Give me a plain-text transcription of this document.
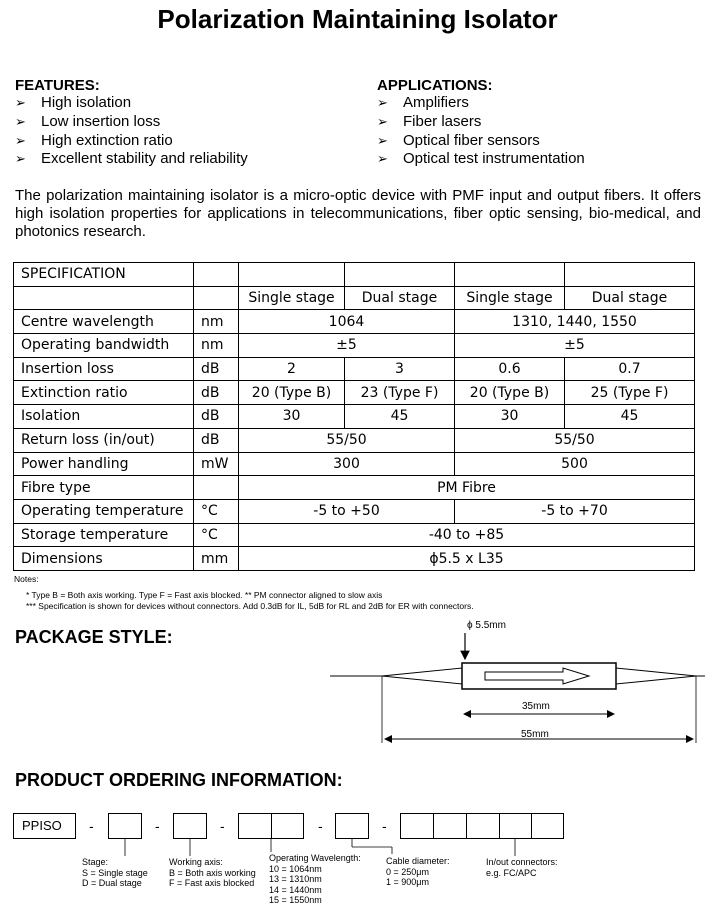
Polarization Maintaining Isolator
FEATURES:
➢ High isolation
➢ Low insertion loss
➢ High extinction ratio
➢ Excellent stability and reliability
APPLICATIONS:
➢ Amplifiers
➢ Fiber lasers
➢ Optical fiber sensors
➢ Optical test instrumentation
The polarization maintaining isolator is a micro-optic device with PMF input and output fibers. It offers high isolation properties for applications in telecommunications, fiber optic sensing, bio-medical, and photonics research.
SPECIFICATION					
		Single stage	Dual stage	Single stage	Dual stage
Centre wavelength	nm	1064		1310, 1440, 1550	
Operating bandwidth	nm	±5		±5	
Insertion loss	dB	2	3	0.6	0.7
Extinction ratio	dB	20 (Type B)	23 (Type F)	20 (Type B)	25 (Type F)
Isolation	dB	30	45	30	45
Return loss (in/out)	dB	55/50		55/50	
Power handling	mW	300		500	
Fibre type		PM Fibre			
Operating temperature	°C	-5 to +50		-5 to +70	
Storage temperature	°C	-40 to +85			
Dimensions	mm	ϕ5.5 x L35			
Notes:
* Type B = Both axis working. Type F = Fast axis blocked. ** PM connector aligned to slow axis
*** Specification is shown for devices without connectors. Add 0.3dB for IL, 5dB for RL and 2dB for ER with connectors.
PACKAGE STYLE:
ϕ 5.5mm
35mm
55mm
PRODUCT ORDERING INFORMATION:
PPISO	-	-	-	-	-
Stage:
S = Single stage
D = Dual stage
Working axis:
B = Both axis working
F = Fast axis blocked
Operating Wavelength:
10 = 1064nm
13 = 1310nm
14 = 1440nm
15 = 1550nm
Cable diameter:
0 = 250μm
1 = 900μm
In/out connectors:
e.g. FC/APC
